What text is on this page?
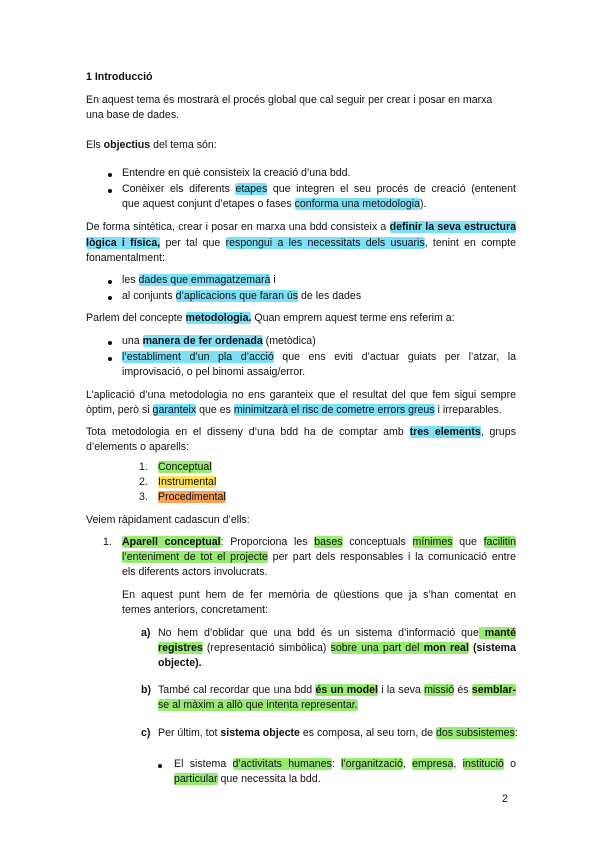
1 Introducció
En aquest tema és mostrarà el procés global que cal seguir per crear i posar en marxa
una base de dades.
Els objectius del tema són:
Entendre en què consisteix la creació d’una bdd.
Conèixer els diferents etapes que integren el seu procés de creació (entenent
que aquest conjunt d’etapes o fases conforma una metodologia).
De forma sintètica, crear i posar en marxa una bdd consisteix a definir la seva estructura
lògica i física, per tal que respongui a les necessitats dels usuaris, tenint en compte
fonamentalment:
les dades que emmagatzemarà i
al conjunts d’aplicacions que faran ús de les dades
Parlem del concepte metodologia. Quan emprem aquest terme ens referim a:
una manera de fer ordenada (metòdica)
l’establiment d’un pla d’acció que ens eviti d’actuar guiats per l’atzar, la
improvisació, o pel binomi assaig/error.
L’aplicació d’una metodologia no ens garanteix que el resultat del que fem sigui sempre
òptim, però si garanteix que es minimitzarà el risc de cometre errors greus i irreparables.
Tota metodologia en el disseny d’una bdd ha de comptar amb tres elements, grups
d’elements o aparells:
1. Conceptual
2. Instrumental
3. Procedimental
Veiem ràpidament cadascun d’ells:
1. Aparell conceptual: Proporciona les bases conceptuals mínimes que facilitin
l’enteniment de tot el projecte per part dels responsables i la comunicació entre
els diferents actors involucrats.
En aquest punt hem de fer memòria de qüestions que ja s’han comentat en
temes anteriors, concretament:
a) No hem d’oblidar que una bdd és un sistema d’informació que manté
registres (representació simbòlica) sobre una part del mon real (sistema
objecte).
b) També cal recordar que una bdd és un model i la seva missió és semblar-
se al màxim a allò que intenta representar.
c) Per últim, tot sistema objecte es composa, al seu torn, de dos subsistemes:
El sistema d’activitats humanes: l’organització, empresa, institució o
particular que necessita la bdd.
2
